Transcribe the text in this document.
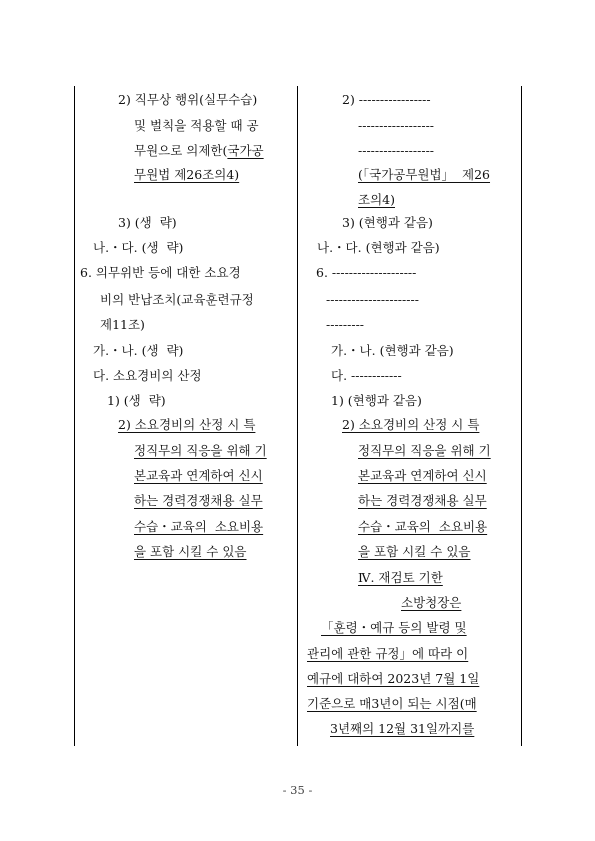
2) 직무상 행위(실무수습)
및 벌칙을 적용할 때 공
무원으로 의제한(국가공
무원법 제26조의4)
3) (생  략)
나.・다. (생  략)
6. 의무위반 등에 대한 소요경
비의 반납조치(교육훈련규정
제11조)
가.・나. (생  략)
다. 소요경비의 산정
1) (생  략)
2) 소요경비의 산정 시 특
정직무의 직응을 위해 기
본교육과 연계하여 신시
하는 경력경쟁채용 실무
수습・교육의  소요비용
을 포함 시킬 수 있음
2) -----------------
------------------
------------------
(「국가공무원법」  제26
조의4)
3) (현행과 같음)
나.・다. (현행과 같음)
6. --------------------
----------------------
---------
가.・나. (현행과 같음)
다. ------------
1) (현행과 같음)
2) 소요경비의 산정 시 특
정직무의 직응을 위해 기
본교육과 연계하여 신시
하는 경력경쟁채용 실무
수습・교육의  소요비용
을 포함 시킬 수 있음
Ⅳ. 재검토 기한
소방청장은
「훈령・예규 등의 발령 및
관리에 관한 규정」에 따라 이
예규에 대하여 2023년 7월 1일
기준으로 매3년이 되는 시점(매
3년째의 12월 31일까지를
- 35 -
